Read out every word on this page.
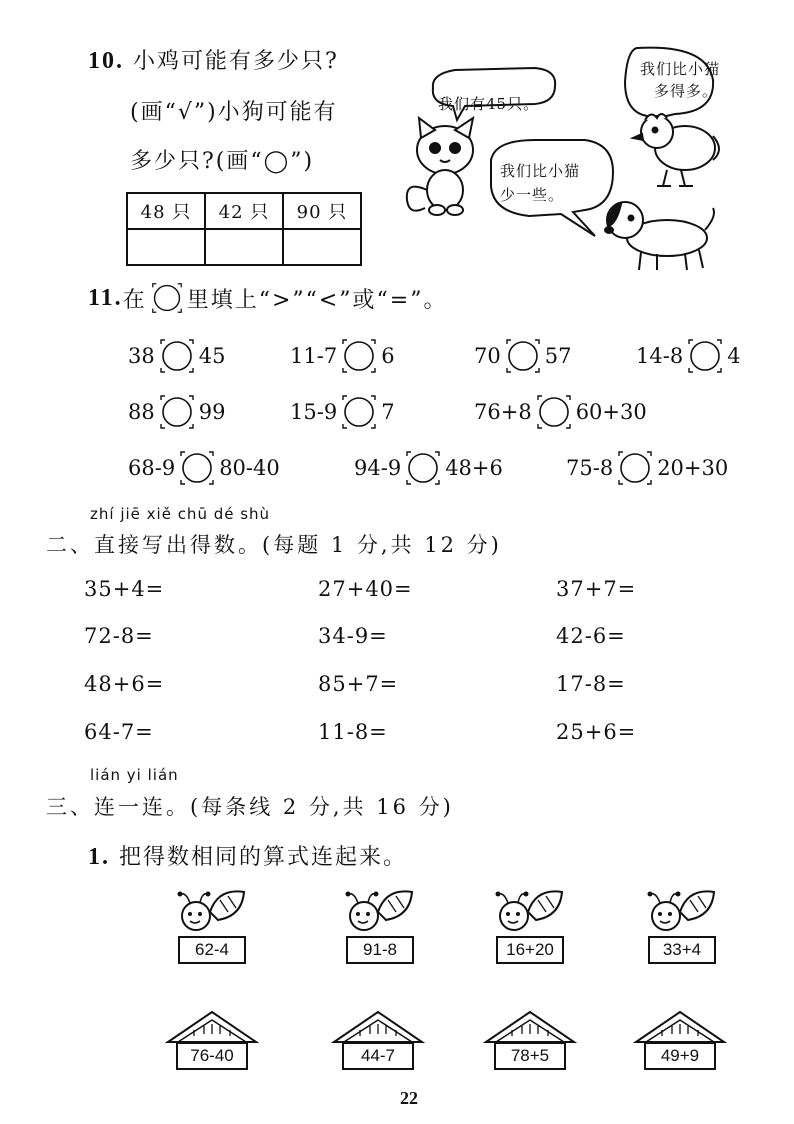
10. 小鸡可能有多少只?
(画“√”)小狗可能有
多少只?(画“◯”)
48 只	42 只	90 只

我们有45只。
我们比小猫
多得多。
我们比小猫
少一些。
11. 在 里填上“>”“<”或“=”。
38 45	11-7 6	70 57	14-8 4
88 99	15-9 7	76+8 60+30
68-9 80-40	94-9 48+6	75-8 20+30
zhí jiē xiě chū dé shù
二、直接写出得数。(每题 1 分,共 12 分)
35+4=	27+40=	37+7=
72-8=	34-9=	42-6=
48+6=	85+7=	17-8=
64-7=	11-8=	25+6=
lián yi lián
三、连一连。(每条线 2 分,共 16 分)
1. 把得数相同的算式连起来。
62-4	91-8	16+20	33+4
76-40	44-7	78+5	49+9
22
